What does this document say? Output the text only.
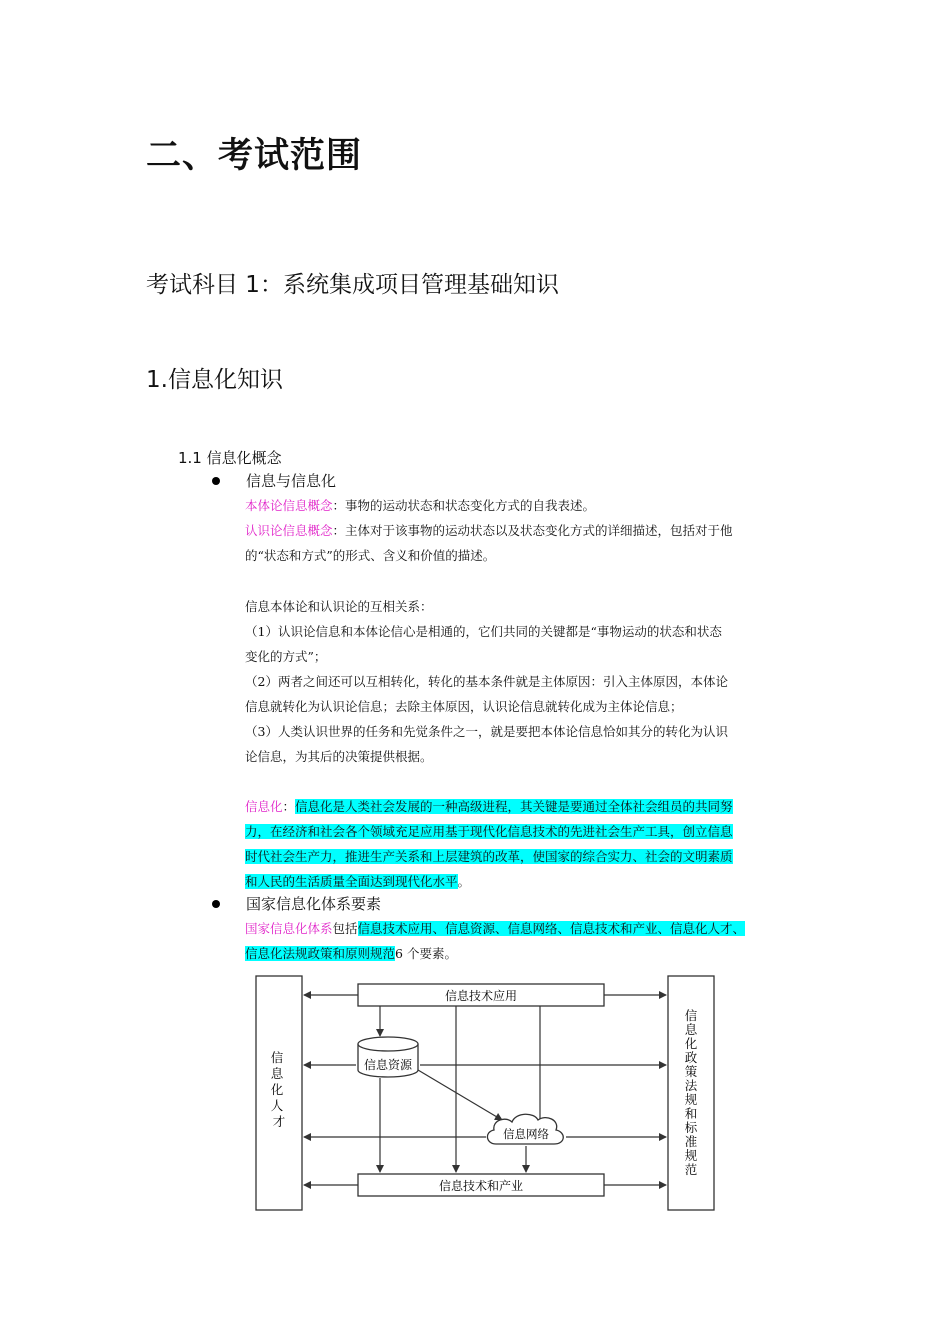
二、考试范围
考试科目 1：系统集成项目管理基础知识
1.信息化知识
1.1 信息化概念
信息与信息化
本体论信息概念：事物的运动状态和状态变化方式的自我表述。
认识论信息概念：主体对于该事物的运动状态以及状态变化方式的详细描述，包括对于他
的“状态和方式”的形式、含义和价值的描述。
信息本体论和认识论的互相关系：
（1）认识论信息和本体论信心是相通的，它们共同的关键都是“事物运动的状态和状态
变化的方式”；
（2）两者之间还可以互相转化，转化的基本条件就是主体原因：引入主体原因，本体论
信息就转化为认识论信息；去除主体原因，认识论信息就转化成为主体论信息；
（3）人类认识世界的任务和先觉条件之一，就是要把本体论信息恰如其分的转化为认识
论信息，为其后的决策提供根据。
信息化：信息化是人类社会发展的一种高级进程，其关键是要通过全体社会组员的共同努
力，在经济和社会各个领域充足应用基于现代化信息技术的先进社会生产工具，创立信息
时代社会生产力，推进生产关系和上层建筑的改革，使国家的综合实力、社会的文明素质
和人民的生活质量全面达到现代化水平。
国家信息化体系要素
国家信息化体系包括信息技术应用、信息资源、信息网络、信息技术和产业、信息化人才、
信息化法规政策和原则规范6 个要素。
信 息 化 人 才
信息化政策法规和标准规范
信息技术应用
信息技术和产业
信息资源
信息网络
